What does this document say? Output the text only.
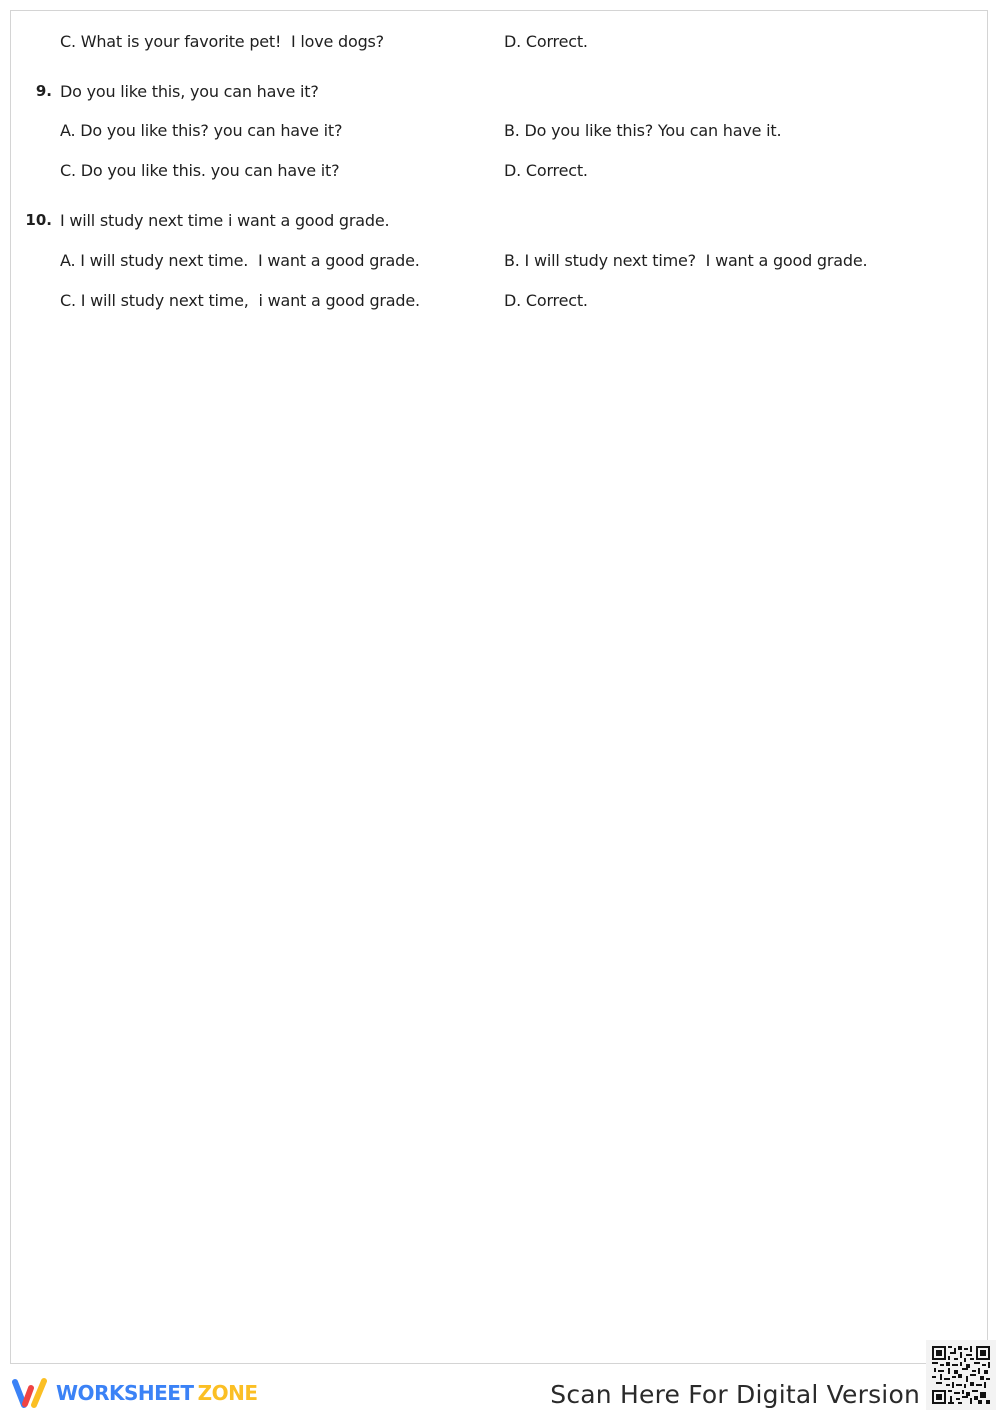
C. What is your favorite pet!  I love dogs?	D. Correct.
9. Do you like this, you can have it?
A. Do you like this? you can have it?	B. Do you like this? You can have it.
C. Do you like this. you can have it?	D. Correct.
10. I will study next time i want a good grade.
A. I will study next time.  I want a good grade.	B. I will study next time?  I want a good grade.
C. I will study next time,  i want a good grade.	D. Correct.
WORKSHEET ZONE	Scan Here For Digital Version
